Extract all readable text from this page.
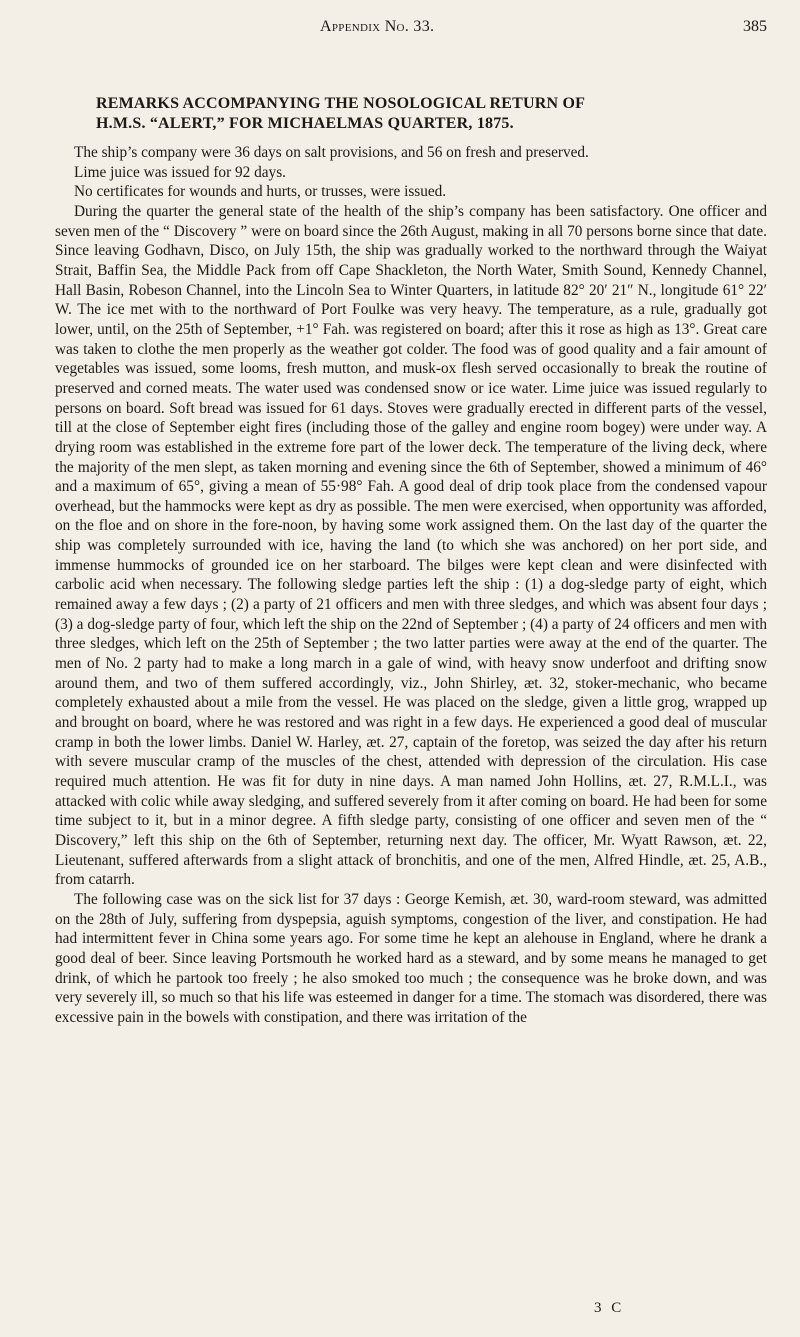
Appendix No. 33.	385
REMARKS ACCOMPANYING THE NOSOLOGICAL RETURN OF
H.M.S. “ALERT,” FOR MICHAELMAS QUARTER, 1875.

The ship’s company were 36 days on salt provisions, and 56 on fresh and preserved.

Lime juice was issued for 92 days.

No certificates for wounds and hurts, or trusses, were issued.

During the quarter the general state of the health of the ship’s company has been satisfactory. One officer and seven men of the “ Discovery ” were on board since the 26th August, making in all 70 persons borne since that date. Since leaving Godhavn, Disco, on July 15th, the ship was gradually worked to the northward through the Waiyat Strait, Baffin Sea, the Middle Pack from off Cape Shackleton, the North Water, Smith Sound, Kennedy Channel, Hall Basin, Robeson Channel, into the Lincoln Sea to Winter Quarters, in latitude 82° 20′ 21″ N., longitude 61° 22′ W. The ice met with to the northward of Port Foulke was very heavy. The temperature, as a rule, gradually got lower, until, on the 25th of September, +1° Fah. was registered on board; after this it rose as high as 13°. Great care was taken to clothe the men properly as the weather got colder. The food was of good quality and a fair amount of vegetables was issued, some looms, fresh mutton, and musk-ox flesh served occasionally to break the routine of preserved and corned meats. The water used was condensed snow or ice water. Lime juice was issued regularly to persons on board. Soft bread was issued for 61 days. Stoves were gradually erected in different parts of the vessel, till at the close of September eight fires (including those of the galley and engine room bogey) were under way. A drying room was established in the extreme fore part of the lower deck. The temperature of the living deck, where the majority of the men slept, as taken morning and evening since the 6th of September, showed a minimum of 46° and a maximum of 65°, giving a mean of 55·98° Fah. A good deal of drip took place from the condensed vapour overhead, but the hammocks were kept as dry as possible. The men were exercised, when opportunity was afforded, on the floe and on shore in the fore-noon, by having some work assigned them. On the last day of the quarter the ship was completely surrounded with ice, having the land (to which she was anchored) on her port side, and immense hummocks of grounded ice on her starboard. The bilges were kept clean and were disinfected with carbolic acid when necessary. The following sledge parties left the ship : (1) a dog-sledge party of eight, which remained away a few days ; (2) a party of 21 officers and men with three sledges, and which was absent four days ; (3) a dog-sledge party of four, which left the ship on the 22nd of September ; (4) a party of 24 officers and men with three sledges, which left on the 25th of September ; the two latter parties were away at the end of the quarter. The men of No. 2 party had to make a long march in a gale of wind, with heavy snow underfoot and drifting snow around them, and two of them suffered accordingly, viz., John Shirley, æt. 32, stoker-mechanic, who became completely exhausted about a mile from the vessel. He was placed on the sledge, given a little grog, wrapped up and brought on board, where he was restored and was right in a few days. He experienced a good deal of muscular cramp in both the lower limbs. Daniel W. Harley, æt. 27, captain of the foretop, was seized the day after his return with severe muscular cramp of the muscles of the chest, attended with depression of the circulation. His case required much attention. He was fit for duty in nine days. A man named John Hollins, æt. 27, R.M.L.I., was attacked with colic while away sledging, and suffered severely from it after coming on board. He had been for some time subject to it, but in a minor degree. A fifth sledge party, consisting of one officer and seven men of the “ Discovery,” left this ship on the 6th of September, returning next day. The officer, Mr. Wyatt Rawson, æt. 22, Lieutenant, suffered afterwards from a slight attack of bronchitis, and one of the men, Alfred Hindle, æt. 25, A.B., from catarrh.

The following case was on the sick list for 37 days : George Kemish, æt. 30, ward-room steward, was admitted on the 28th of July, suffering from dyspepsia, aguish symptoms, congestion of the liver, and constipation. He had had intermittent fever in China some years ago. For some time he kept an alehouse in England, where he drank a good deal of beer. Since leaving Portsmouth he worked hard as a steward, and by some means he managed to get drink, of which he partook too freely ; he also smoked too much ; the consequence was he broke down, and was very severely ill, so much so that his life was esteemed in danger for a time. The stomach was disordered, there was excessive pain in the bowels with constipation, and there was irritation of the

3 C
